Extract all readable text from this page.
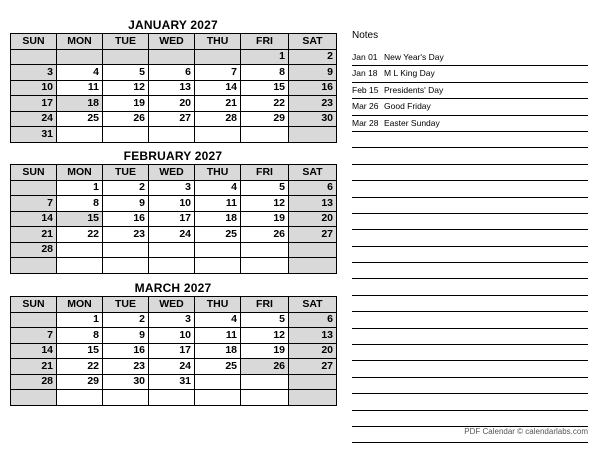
JANUARY 2027
SUN	MON	TUE	WED	THU	FRI	SAT
					1	2
3	4	5	6	7	8	9
10	11	12	13	14	15	16
17	18	19	20	21	22	23
24	25	26	27	28	29	30
31						
FEBRUARY 2027
SUN	MON	TUE	WED	THU	FRI	SAT
	1	2	3	4	5	6
7	8	9	10	11	12	13
14	15	16	17	18	19	20
21	22	23	24	25	26	27
28						

MARCH 2027
SUN	MON	TUE	WED	THU	FRI	SAT
	1	2	3	4	5	6
7	8	9	10	11	12	13
14	15	16	17	18	19	20
21	22	23	24	25	26	27
28	29	30	31			

Notes
Jan 01 New Year's Day
Jan 18 M L King Day
Feb 15 Presidents' Day
Mar 26 Good Friday
Mar 28 Easter Sunday
PDF Calendar © calendarlabs.com
